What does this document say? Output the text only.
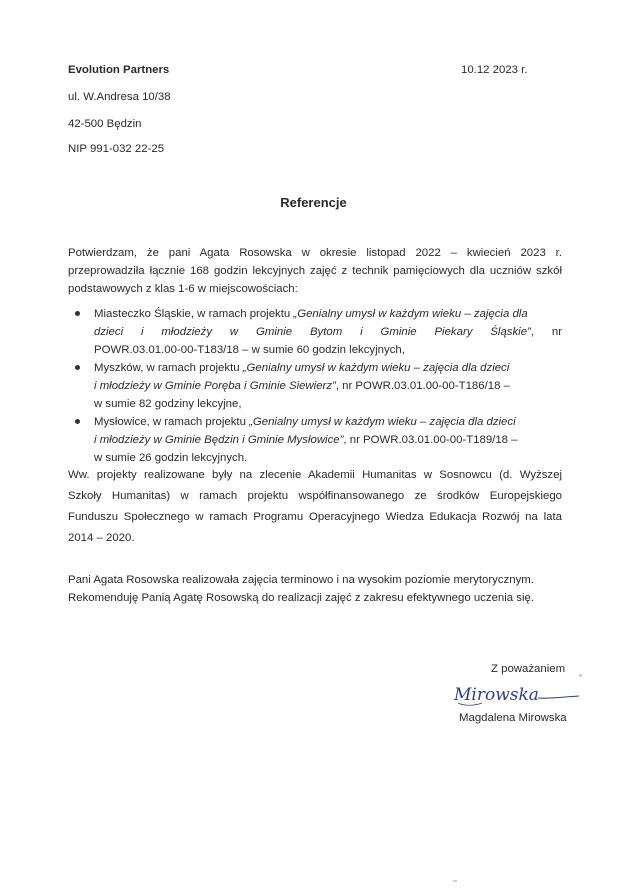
Evolution Partners
ul. W.Andresa 10/38
42-500 Będzin
NIP 991-032 22-25
10.12 2023 r.
Referencje
Potwierdzam, że pani Agata Rosowska w okresie listopad 2022 – kwiecień 2023 r.
przeprowadziła łącznie 168 godzin lekcyjnych zajęć z technik pamięciowych dla uczniów szkół
podstawowych z klas 1-6 w miejscowościach:
Miasteczko Śląskie, w ramach projektu „Genialny umysł w każdym wieku – zajęcia dla
dzieci i młodzieży w Gminie Bytom i Gminie Piekary Śląskie”, nr
POWR.03.01.00-00-T183/18 – w sumie 60 godzin lekcyjnych,
Myszków, w ramach projektu „Genialny umysł w każdym wieku – zajęcia dla dzieci
i młodzieży w Gminie Poręba i Gminie Siewierz”, nr POWR.03.01.00-00-T186/18 –
w sumie 82 godziny lekcyjne,
Mysłowice, w ramach projektu „Genialny umysł w każdym wieku – zajęcia dla dzieci
i młodzieży w Gminie Będzin i Gminie Mysłowice”, nr POWR.03.01.00-00-T189/18 –
w sumie 26 godzin lekcyjnych.
Ww. projekty realizowane były na zlecenie Akademii Humanitas w Sosnowcu (d. Wyższej
Szkoły Humanitas) w ramach projektu współfinansowanego ze środków Europejskiego
Funduszu Społecznego w ramach Programu Operacyjnego Wiedza Edukacja Rozwój na lata
2014 – 2020.
Pani Agata Rosowska realizowała zajęcia terminowo i na wysokim poziomie merytorycznym.
Rekomenduję Panią Agatę Rosowską do realizacji zajęć z zakresu efektywnego uczenia się.
Z poważaniem
Mirowska
Magdalena Mirowska
